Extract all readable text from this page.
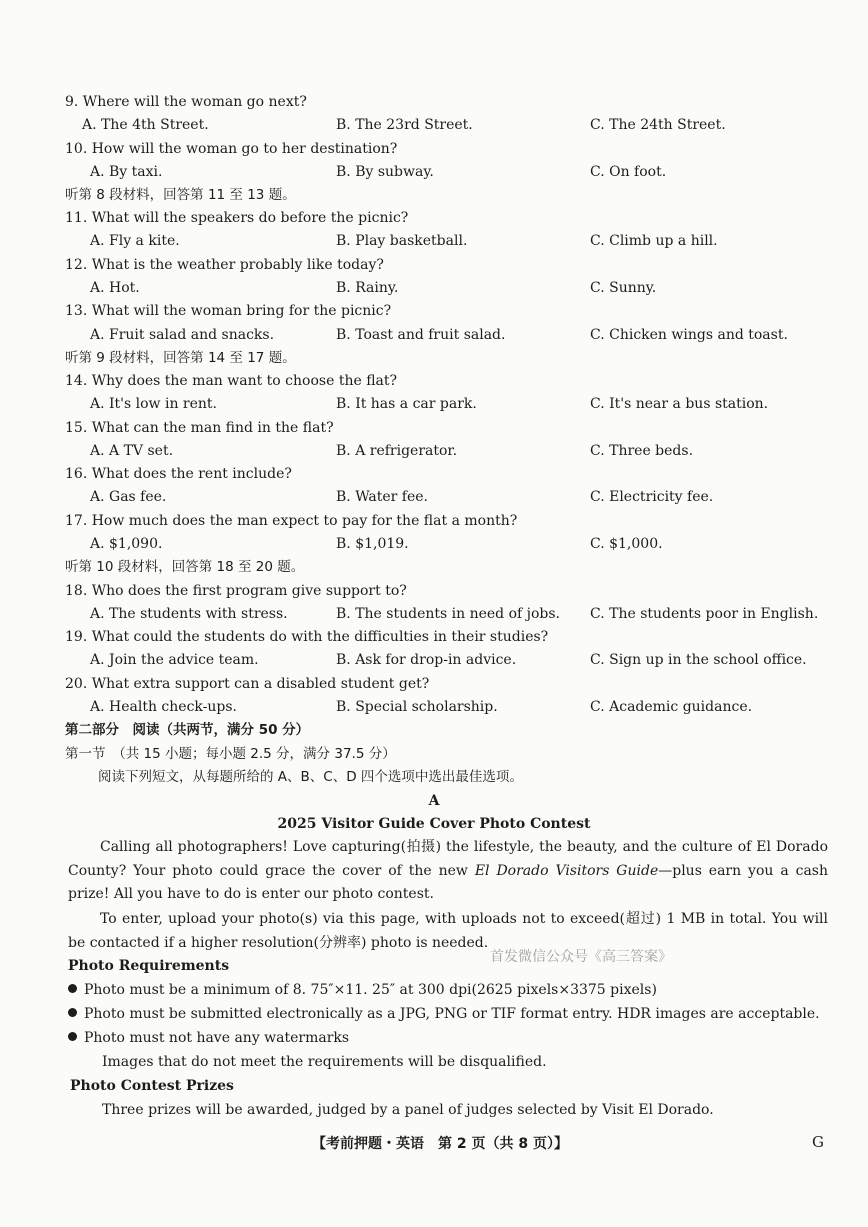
9. Where will the woman go next?
A. The 4th Street.	B. The 23rd Street.	C. The 24th Street.
10. How will the woman go to her destination?
A. By taxi.	B. By subway.	C. On foot.
听第 8 段材料，回答第 11 至 13 题。
11. What will the speakers do before the picnic?
A. Fly a kite.	B. Play basketball.	C. Climb up a hill.
12. What is the weather probably like today?
A. Hot.	B. Rainy.	C. Sunny.
13. What will the woman bring for the picnic?
A. Fruit salad and snacks.	B. Toast and fruit salad.	C. Chicken wings and toast.
听第 9 段材料，回答第 14 至 17 题。
14. Why does the man want to choose the flat?
A. It's low in rent.	B. It has a car park.	C. It's near a bus station.
15. What can the man find in the flat?
A. A TV set.	B. A refrigerator.	C. Three beds.
16. What does the rent include?
A. Gas fee.	B. Water fee.	C. Electricity fee.
17. How much does the man expect to pay for the flat a month?
A. $1,090.	B. $1,019.	C. $1,000.
听第 10 段材料，回答第 18 至 20 题。
18. Who does the first program give support to?
A. The students with stress.	B. The students in need of jobs. C. The students poor in English.
19. What could the students do with the difficulties in their studies?
A. Join the advice team.	B. Ask for drop-in advice.	C. Sign up in the school office.
20. What extra support can a disabled student get?
A. Health check-ups.	B. Special scholarship.	C. Academic guidance.
第二部分　阅读（共两节，满分 50 分）
第一节　（共 15 小题；每小题 2.5 分，满分 37.5 分）
阅读下列短文，从每题所给的 A、B、C、D 四个选项中选出最佳选项。
A
2025 Visitor Guide Cover Photo Contest
Calling all photographers! Love capturing(拍摄) the lifestyle, the beauty, and the culture of El Dorado County? Your photo could grace the cover of the new El Dorado Visitors Guide—plus earn you a cash prize! All you have to do is enter our photo contest.
To enter, upload your photo(s) via this page, with uploads not to exceed(超过) 1 MB in total. You will be contacted if a higher resolution(分辨率) photo is needed.
首发微信公众号《高三答案》
Photo Requirements
Photo must be a minimum of 8. 75″×11. 25″ at 300 dpi(2625 pixels×3375 pixels)
Photo must be submitted electronically as a JPG, PNG or TIF format entry. HDR images are acceptable.
Photo must not have any watermarks
Images that do not meet the requirements will be disqualified.
Photo Contest Prizes
Three prizes will be awarded, judged by a panel of judges selected by Visit El Dorado.
【考前押题・英语　第 2 页（共 8 页）】	G
